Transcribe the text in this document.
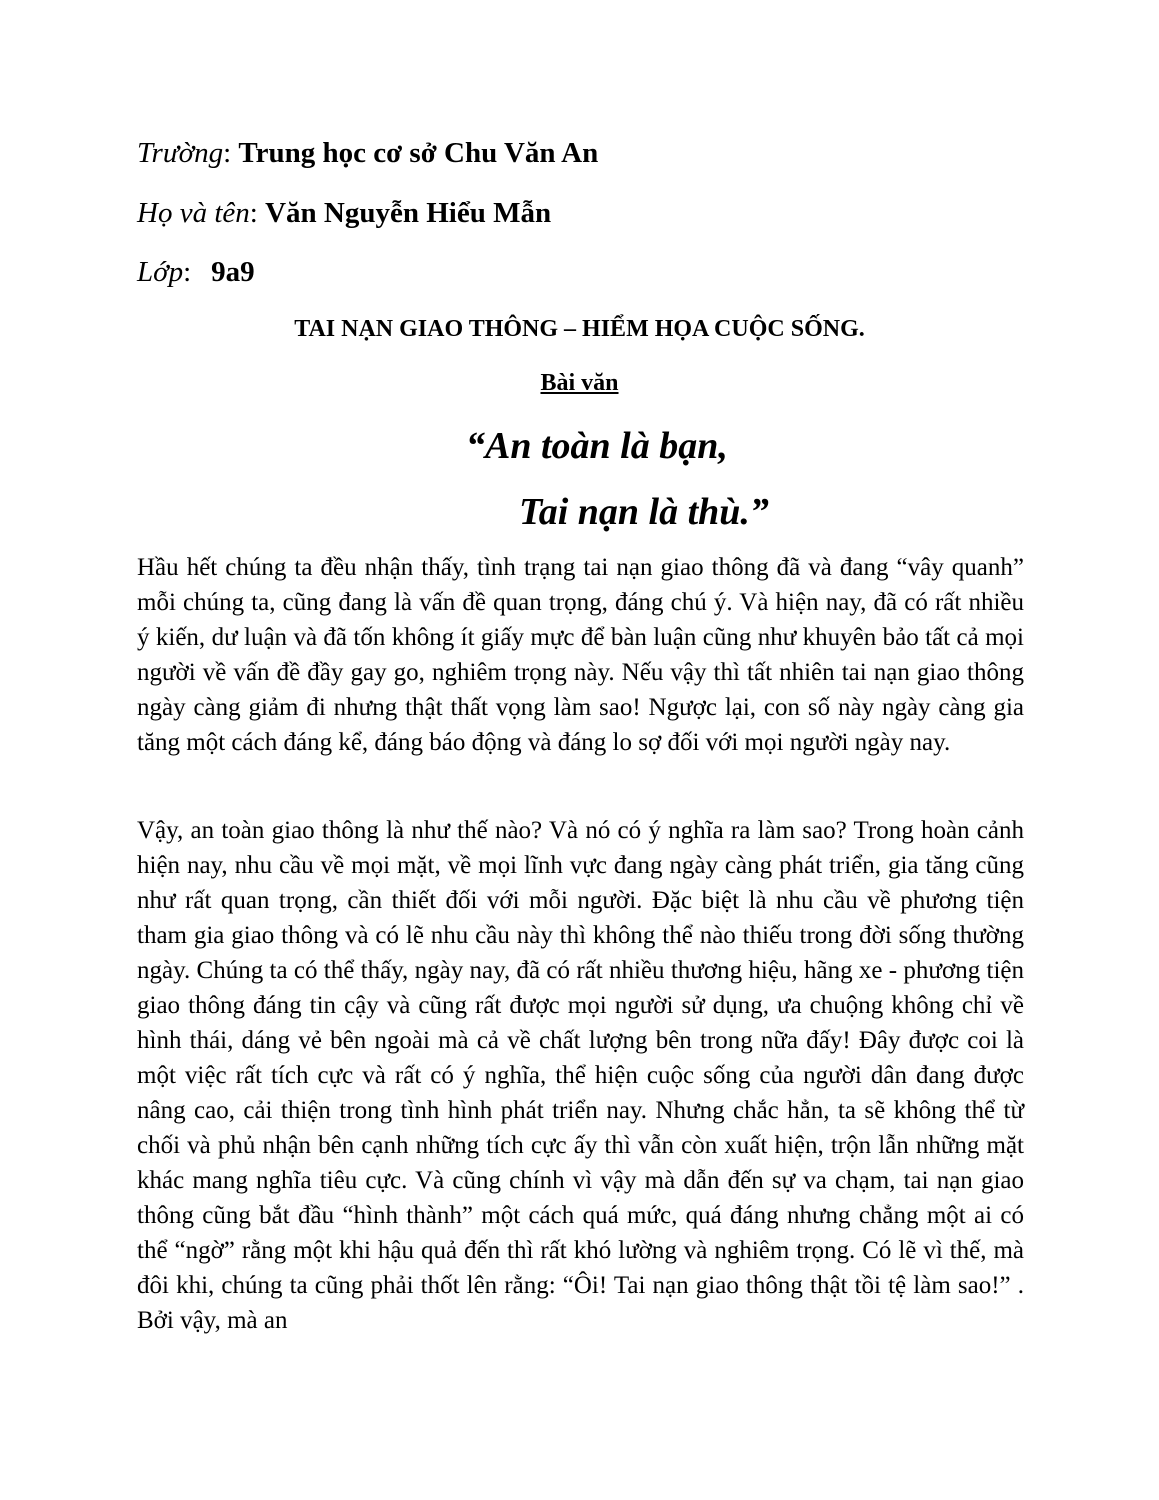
Trường: Trung học cơ sở Chu Văn An
Họ và tên: Văn Nguyễn Hiểu Mẫn
Lớp: 9a9
TAI NẠN GIAO THÔNG – HIỂM HỌA CUỘC SỐNG.
Bài văn
“An toàn là bạn,
Tai nạn là thù.”

Hầu hết chúng ta đều nhận thấy, tình trạng tai nạn giao thông đã và đang “vây quanh” mỗi chúng ta, cũng đang là vấn đề quan trọng, đáng chú ý. Và hiện nay, đã có rất nhiều ý kiến, dư luận và đã tốn không ít giấy mực để bàn luận cũng như khuyên bảo tất cả mọi người về vấn đề đầy gay go, nghiêm trọng này. Nếu vậy thì tất nhiên tai nạn giao thông ngày càng giảm đi nhưng thật thất vọng làm sao! Ngược lại, con số này ngày càng gia tăng một cách đáng kể, đáng báo động và đáng lo sợ đối với mọi người ngày nay.

Vậy, an toàn giao thông là như thế nào? Và nó có ý nghĩa ra làm sao? Trong hoàn cảnh hiện nay, nhu cầu về mọi mặt, về mọi lĩnh vực đang ngày càng phát triển, gia tăng cũng như rất quan trọng, cần thiết đối với mỗi người. Đặc biệt là nhu cầu về phương tiện tham gia giao thông và có lẽ nhu cầu này thì không thể nào thiếu trong đời sống thường ngày. Chúng ta có thể thấy, ngày nay, đã có rất nhiều thương hiệu, hãng xe - phương tiện giao thông đáng tin cậy và cũng rất được mọi người sử dụng, ưa chuộng không chỉ về hình thái, dáng vẻ bên ngoài mà cả về chất lượng bên trong nữa đấy! Đây được coi là một việc rất tích cực và rất có ý nghĩa, thể hiện cuộc sống của người dân đang được nâng cao, cải thiện trong tình hình phát triển nay. Nhưng chắc hẳn, ta sẽ không thể từ chối và phủ nhận bên cạnh những tích cực ấy thì vẫn còn xuất hiện, trộn lẫn những mặt khác mang nghĩa tiêu cực. Và cũng chính vì vậy mà dẫn đến sự va chạm, tai nạn giao thông cũng bắt đầu “hình thành” một cách quá mức, quá đáng nhưng chẳng một ai có thể “ngờ” rằng một khi hậu quả đến thì rất khó lường và nghiêm trọng. Có lẽ vì thế, mà đôi khi, chúng ta cũng phải thốt lên rằng: “Ôi! Tai nạn giao thông thật tồi tệ làm sao!” . Bởi vậy, mà an
